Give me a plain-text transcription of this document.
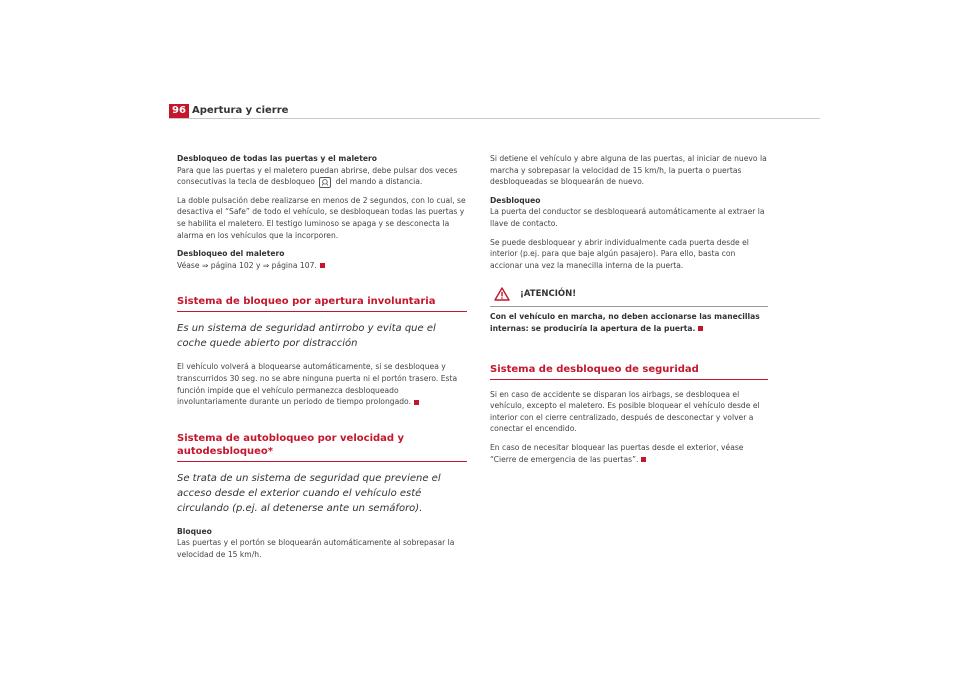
96 Apertura y cierre

Desbloqueo de todas las puertas y el maletero
Para que las puertas y el maletero puedan abrirse, debe pulsar dos veces consecutivas la tecla de desbloqueo	del mando a distancia.

La doble pulsación debe realizarse en menos de 2 segundos, con lo cual, se desactiva el “Safe” de todo el vehículo, se desbloquean todas las puertas y se habilita el maletero. El testigo luminoso se apaga y se desconecta la alarma en los vehículos que la incorporen.

Desbloqueo del maletero
Véase ⇒ página 102 y ⇒ página 107.

Sistema de bloqueo por apertura involuntaria
Es un sistema de seguridad antirrobo y evita que el coche quede abierto por distracción

El vehículo volverá a bloquearse automáticamente, si se desbloquea y transcurridos 30 seg. no se abre ninguna puerta ni el portón trasero. Esta función impide que el vehículo permanezca desbloqueado involuntariamente durante un periodo de tiempo prolongado.

Sistema de autobloqueo por velocidad y autodesbloqueo*
Se trata de un sistema de seguridad que previene el acceso desde el exterior cuando el vehículo esté circulando (p.ej. al detenerse ante un semáforo).

Bloqueo
Las puertas y el portón se bloquearán automáticamente al sobrepasar la velocidad de 15 km/h.

Si detiene el vehículo y abre alguna de las puertas, al iniciar de nuevo la marcha y sobrepasar la velocidad de 15 km/h, la puerta o puertas desbloqueadas se bloquearán de nuevo.

Desbloqueo
La puerta del conductor se desbloqueará automáticamente al extraer la llave de contacto.

Se puede desbloquear y abrir individualmente cada puerta desde el interior (p.ej. para que baje algún pasajero). Para ello, basta con accionar una vez la manecilla interna de la puerta.

¡ATENCIÓN!
Con el vehículo en marcha, no deben accionarse las manecillas internas: se produciría la apertura de la puerta.
Sistema de desbloqueo de seguridad

Si en caso de accidente se disparan los airbags, se desbloquea el vehículo, excepto el maletero. Es posible bloquear el vehículo desde el interior con el cierre centralizado, después de desconectar y volver a conectar el encendido.

En caso de necesitar bloquear las puertas desde el exterior, véase “Cierre de emergencia de las puertas”.
